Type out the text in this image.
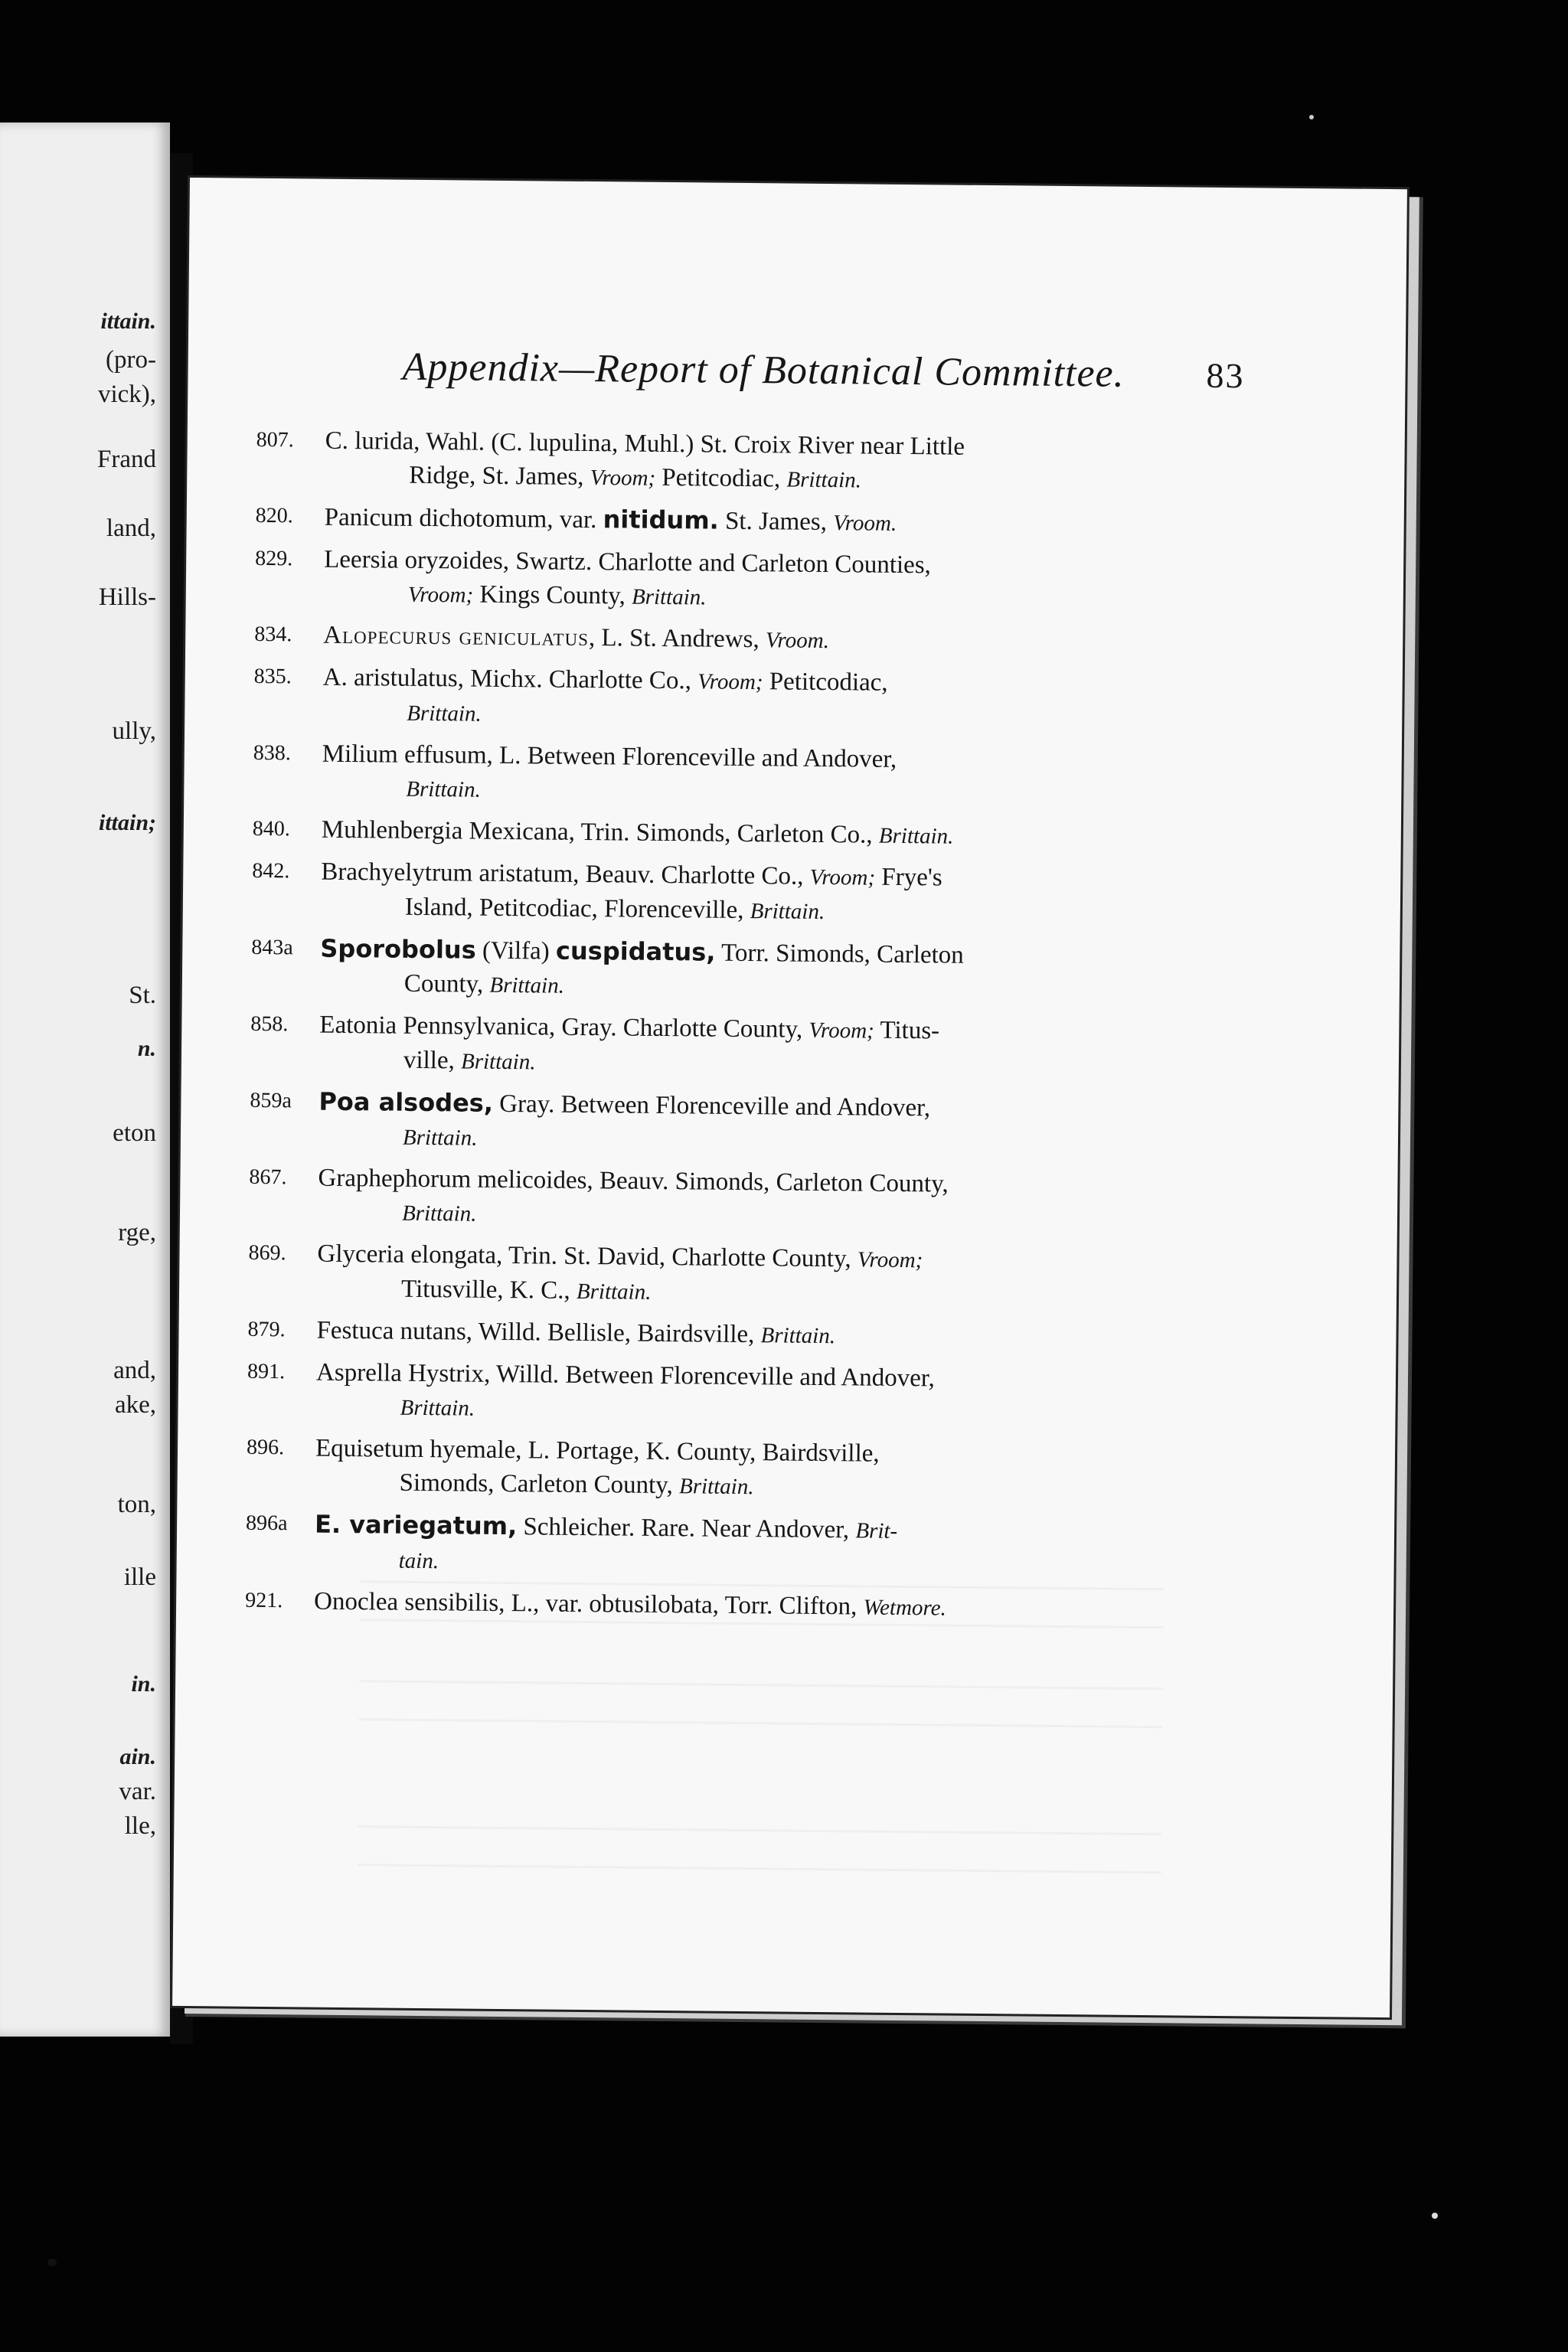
ittain.
(pro-
vick),
Frand
land,
Hills-
ully,
ittain;
St.
n.
eton
rge,
and,
ake,
ton,
ille
in.
ain.
var.
lle,
Appendix—Report of Botanical Committee. 83
807. C. lurida, Wahl. (C. lupulina, Muhl.) St. Croix River near Little
Ridge, St. James, Vroom; Petitcodiac, Brittain.
820. Panicum dichotomum, var. nitidum. St. James, Vroom.
829. Leersia oryzoides, Swartz. Charlotte and Carleton Counties,
Vroom; Kings County, Brittain.
834. Alopecurus geniculatus, L. St. Andrews, Vroom.
835. A. aristulatus, Michx. Charlotte Co., Vroom; Petitcodiac,
Brittain.
838. Milium effusum, L. Between Florenceville and Andover,
Brittain.
840. Muhlenbergia Mexicana, Trin. Simonds, Carleton Co., Brittain.
842. Brachyelytrum aristatum, Beauv. Charlotte Co., Vroom; Frye's
Island, Petitcodiac, Florenceville, Brittain.
843a Sporobolus (Vilfa) cuspidatus, Torr. Simonds, Carleton
County, Brittain.
858. Eatonia Pennsylvanica, Gray. Charlotte County, Vroom; Titus-
ville, Brittain.
859a Poa alsodes, Gray. Between Florenceville and Andover,
Brittain.
867. Graphephorum melicoides, Beauv. Simonds, Carleton County,
Brittain.
869. Glyceria elongata, Trin. St. David, Charlotte County, Vroom;
Titusville, K. C., Brittain.
879. Festuca nutans, Willd. Bellisle, Bairdsville, Brittain.
891. Asprella Hystrix, Willd. Between Florenceville and Andover,
Brittain.
896. Equisetum hyemale, L. Portage, K. County, Bairdsville,
Simonds, Carleton County, Brittain.
896a E. variegatum, Schleicher. Rare. Near Andover, Brit-
tain.
921. Onoclea sensibilis, L., var. obtusilobata, Torr. Clifton, Wetmore.
